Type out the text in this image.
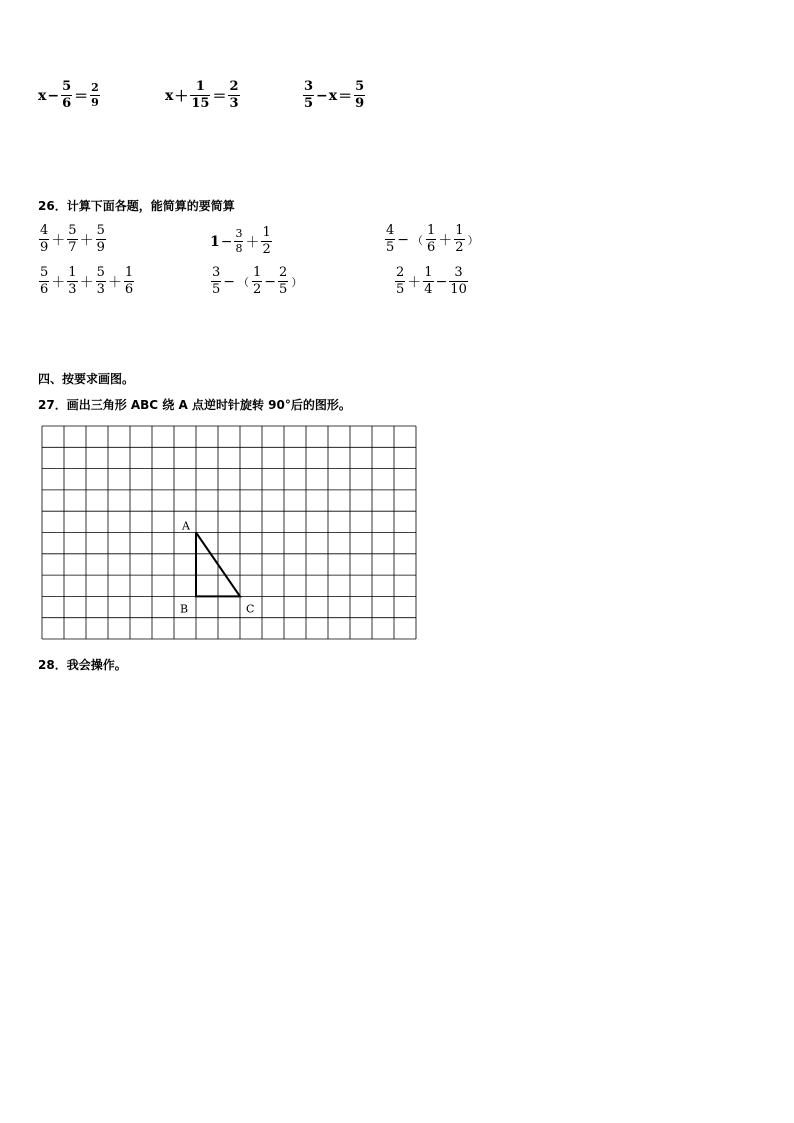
$x - \frac{5}{6} = \frac{2}{9}$	$x + \frac{1}{15} = \frac{2}{3}$	$\frac{3}{5} - x = \frac{5}{9}$
26．计算下面各题，能简算的要简算
$\frac{4}{9} + \frac{5}{7} + \frac{5}{9}$	$1 - \frac{3}{8} + \frac{1}{2}$	$\frac{4}{5}$ − （ $\frac{1}{6} + \frac{1}{2}$ ）
$\frac{5}{6} + \frac{1}{3} + \frac{5}{3} + \frac{1}{6}$	$\frac{3}{5}$ − （ $\frac{1}{2} - \frac{2}{5}$ ）	$\frac{2}{5} + \frac{1}{4} - \frac{3}{10}$
四、按要求画图。
27．画出三角形 ABC 绕 A 点逆时针旋转 90°后的图形。
A
B	C
28．我会操作。
